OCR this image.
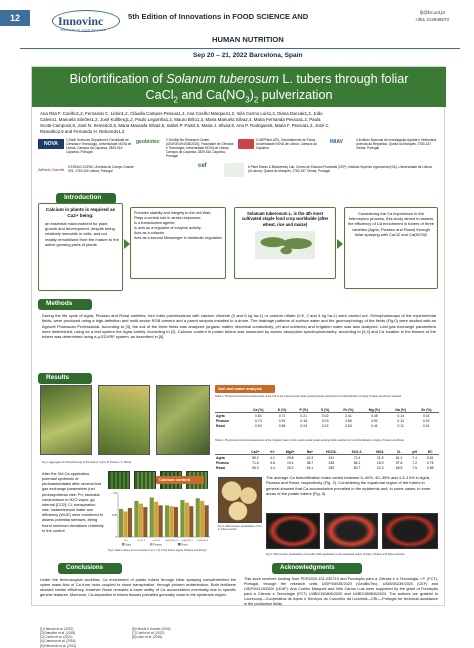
12	Innovinc
INNOVATE TO YOUR SUCCESS
5th Edition of Innovations in FOOD SCIENCE AND
HUMAN NUTRITION
fjl@fct.unl.pt
+351 212948573
Sep 20 – 21, 2022 Barcelona, Spain
Biofortification of Solanum tuberosum L. tubers through foliar
CaCl$_2$ and $Ca(NO_3)_2$ pulverization
Ana Rita F. Coelho1,2, Fernando C. Lidon1,2, Cláudia Campos Pessoa1,2, Ana Coelho Marques1,2, Inês Carmo Luís1,2, Diana Daccak1,2, João
Caleiro1, Manuela Simões1,2, José Kullberg1,2, Paulo Legoinha1,2, Mauro Brito1,3, Maria Manuela Silva2,4, Maria Fernanda Pessoa1,2, Paula
Scotti-Campos2,5, José N. Semedo2,5, Maria Manuela Silva2,5, Isabel P. Pais2,5, Maria J. Silva2,6, Ana P. Rodrigues6, Maria F. Pessoa1,2, José C.
Ramalho2,6 and Fernando H. Reboredo1,2
NOVA
1 Earth Sciences Department, Faculdade de Ciências e Tecnologia, Universidade NOVA de Lisboa, Campus da Caparica, 2829-516 Caparica, Portugal
geobiotec	2 GeoBioTec Research Center (UID/GEO/04035/2020), Faculdade de Ciências e Tecnologia, Universidade NOVA de Lisboa, Campus da Caparica, 2829-516 Caparica, Portugal
3 LBPPlant-URL, Departamento de Física, Universidade NOVA de Lisboa, Campus da Caparica
INIAV	4 Instituto Nacional de Investigação Agrária e Veterinária, Avenida da República, Quinta do Marquês, 2780-157 Oeiras, Portugal
Alfredo Garrett	5 ESEAG-COFAC, Avenida do Campo Grande 376, 1749-024 Lisboa, Portugal
cef	6 Plant Stress & Biodiversity Lab, Centro de Estudos Florestais (CEF), Instituto Superior Agronomia (ISA), Universidade de Lisboa (ULisboa), Quinta do Marquês, 2780-157 Oeiras, Portugal
Introduction
Calcium in plants is required as Ca2+ being:
an essential macronutrient for plant growth and development, despite being relatively immobile in cells, and not readily remobilized from the mature to the active growing parts of plants
Provides stability and integrity to the cell Wall;
Plays a central role in stress responses;
Is a transduction agente;
Is acts as a regulator of enzyme activity;
Acts as a cofactor
Acts as a second Messenger in metabolic regulation
Solanum tuberosum L. is the 4th most cultivated staple food crop worldwide (after wheat, rice and maize)
Considering the Ca importance in the Intercepton process, this study aimed to assess the efficiency of Ca enrichment in tubers of three varieties (Agria, Picasso and Rossi) through foliar spraying with CaCl2 and Ca(NO3)2
Methods
During the life cycle of Agria, Picasso and Rossi varieties, four foliar pulverizations with calcium chloride (3 and 6 kg ha-1) or calcium nitrate (0.5, 2 and 4 kg ha-1) were carried out. Orthophotomaps of the experimental fields, were produced using a high-definition and multi-sector RGB camera and a parrot sequoia installed in a drone. The drainage patterns of surface water and the geomorphology of the fields (Fig.0) were studied with an Agrisoft Photoscan Professional. According to [3], the soil of the three fields was analyzed (organic matter, electrical conductivity, pH and nutrients) and irrigation water was also analyzed. Leaf gas exchange parameters were determined, using as a test system the Agria variety. According to [2]. Calcium content in potato tubers was measured by atomic absorption spectrophotometry, according to [3,4] and Ca location in the tissues of the tubers was determined using a µ-EDXRF system, as described in [5].
Results
Fig.1. Aggregate of orthophotomap of the field (A: Agria; B: Picasso; C: Rossi)
Soil and water analysis
Table 1. Physical and chemical parameters of the soil of the experimental potato-growing fields selected for Ca biofortification of Agria, Picasso and Rossi varieties.
	Ca (%)	K (%)	P (%)	S (%)	Fe (%)	Mg (%)	Na (%)	Zn (%)
Agria	0.84	0.71	0.21	0.02	2.41	0.48	0.14	0.01
Picasso	0.73	0.91	0.18	0.03	2.85	0.52	0.12	0.02
Rossi	0.94	0.84	0.24	0.02	2.63	0.41	0.11	0.01
Table 2. Physical and chemical parameters of the irrigation water of the experimental potato-growing fields selected for Ca biofortification of Agria, Picasso and Rossi.
	Ca2+	K+	Mg2+	Na+	HCO3-	SO4 2-	NO3-	Cl-	pH	EC
Agria	85.2	4.1	25.8	42.3	241	72.4	21.5	61.2	7.4	0.81
Picasso	71.6	3.8	19.4	38.7	228	66.1	18.9	57.8	7.2	0.76
Rossi	96.3	4.4	28.2	45.1	259	80.7	24.3	66.5	7.5	0.88
After the 3rd Ca application, potential synthesis of photoassimilates after several leaf gas exchange parameters (net photosynthesis rate: Pn; stomatal conductance to H2O vapor, gs; internal [CO2]: Ci; transpiration rate; instantaneous water use efficiency (WUE) were monitored to assess potential stresses, being found minimum deviations relatively to the control.
Calcium content
0
0.25
0.5
Ctrl	CaCl2 3	CaCl2 6	Ca(NO3)2 0.5	Ca(NO3)2 2	Ca(NO3)2 4
Agria	Picasso	Rossi
Fig.2. Mean values of Ca contents 1-4 (n = 4) in the tubers (Agria, Picasso and Rossi)
Fig.3. Macroscopic visualization of Ca in tubers section
The average Ca biofortification index varied between 5–40%, 40–35% and 4.3–13% in Agria, Picasso and Rossi, respectively (Fig. 2). Considering the equatorial region of the tubers in general showed that Ca accumulation prevailed in the epidermis and, in some cases, in inner areas of the potato tubers (Fig. 3)
Fig.4. Macroscopic visualization of Ca after foliar application in the equatorial region of Agria, Picasso and Rossi varieties
Conclusions
Under the technological workflow, Ca enrichment of potato tubers through foliar spraying complemented the xylem mass flow of Ca from roots coupled to shoot transpiration, through phloem redistribution. Both fertilizers showed similar efficiency, however Rossi revealed a lower ability of Ca accumulation eventually due to specific genetic features. Moreover, Ca deposition in tubers tissues prevailed generally close to the epidermis region.
Acknowledgments
This work received funding from PDR2020-101-030719 and Fundação para a Ciência e a Tecnologia, I.P. (FCT), Portugal, through the research units UIDP/04035/2020 (GeoBioTec), UIDB/00239/2020 (CEF) and UIDP/04129/2020 (LEAF). Ana Coelho Marques and Inês Carmo Luís were supported by the grant of Fundação para a Ciência e Tecnologia (FCT) UI/BD/150806/2020 and UI/BD/150806/2020. The authors are grateful to Lourecoop—Cooperativa de Apoio e Serviços do Concelho da Lourinhã—CRL—Portugal for technical assistance in the production fields.
[1] Hannah et al. (2022)
[2] Ramalho et al. (2018)
[3] Coelho et al. (2021)
[4] Cameron et al. (2018)
[5] Reboredo et al. (2021)
[6] Hirschi & Kramer (2004)
[7] Coelho et al. (2022)
[8] Lidon et al. (2018)
